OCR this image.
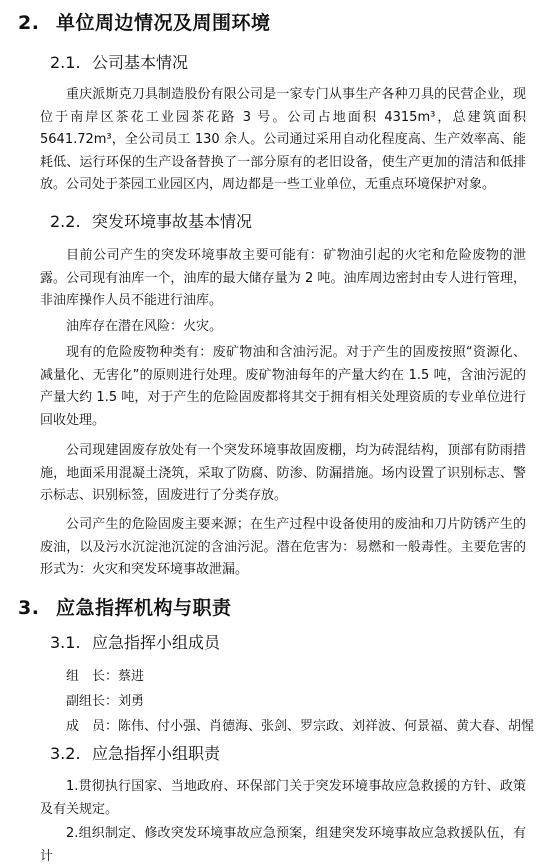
2. 单位周边情况及周围环境
2.1. 公司基本情况

重庆派斯克刀具制造股份有限公司是一家专门从事生产各种刀具的民营企业，现位于南岸区茶花工业园茶花路 3 号。公司占地面积 4315m³，总建筑面积 5641.72m³，全公司员工 130 余人。公司通过采用自动化程度高、生产效率高、能耗低、运行环保的生产设备替换了一部分原有的老旧设备，使生产更加的清洁和低排放。公司处于茶园工业园区内，周边都是一些工业单位，无重点环境保护对象。

2.2. 突发环境事故基本情况

目前公司产生的突发环境事故主要可能有：矿物油引起的火宅和危险废物的泄露。公司现有油库一个，油库的最大储存量为 2 吨。油库周边密封由专人进行管理，非油库操作人员不能进行油库。

油库存在潜在风险：火灾。

现有的危险废物种类有：废矿物油和含油污泥。对于产生的固废按照“资源化、减量化、无害化”的原则进行处理。废矿物油每年的产量大约在 1.5 吨，含油污泥的产量大约 1.5 吨，对于产生的危险固废都将其交于拥有相关处理资质的专业单位进行回收处理。

公司现建固废存放处有一个突发环境事故固废棚，均为砖混结构，顶部有防雨措施，地面采用混凝土浇筑，采取了防腐、防渗、防漏措施。场内设置了识别标志、警示标志、识别标签，固废进行了分类存放。

公司产生的危险固废主要来源；在生产过程中设备使用的废油和刀片防锈产生的废油，以及污水沉淀池沉淀的含油污泥。潜在危害为：易燃和一般毒性。主要危害的形式为：火灾和突发环境事故泄漏。

3. 应急指挥机构与职责
3.1. 应急指挥小组成员
组　长：蔡进
副组长：刘勇
成　员：陈伟、付小强、肖德海、张剑、罗宗政、刘祥波、何景福、黄大春、胡惺
3.2. 应急指挥小组职责

1.贯彻执行国家、当地政府、环保部门关于突发环境事故应急救援的方针、政策及有关规定。

2.组织制定、修改突发环境事故应急预案，组建突发环境事故应急救援队伍，有计
